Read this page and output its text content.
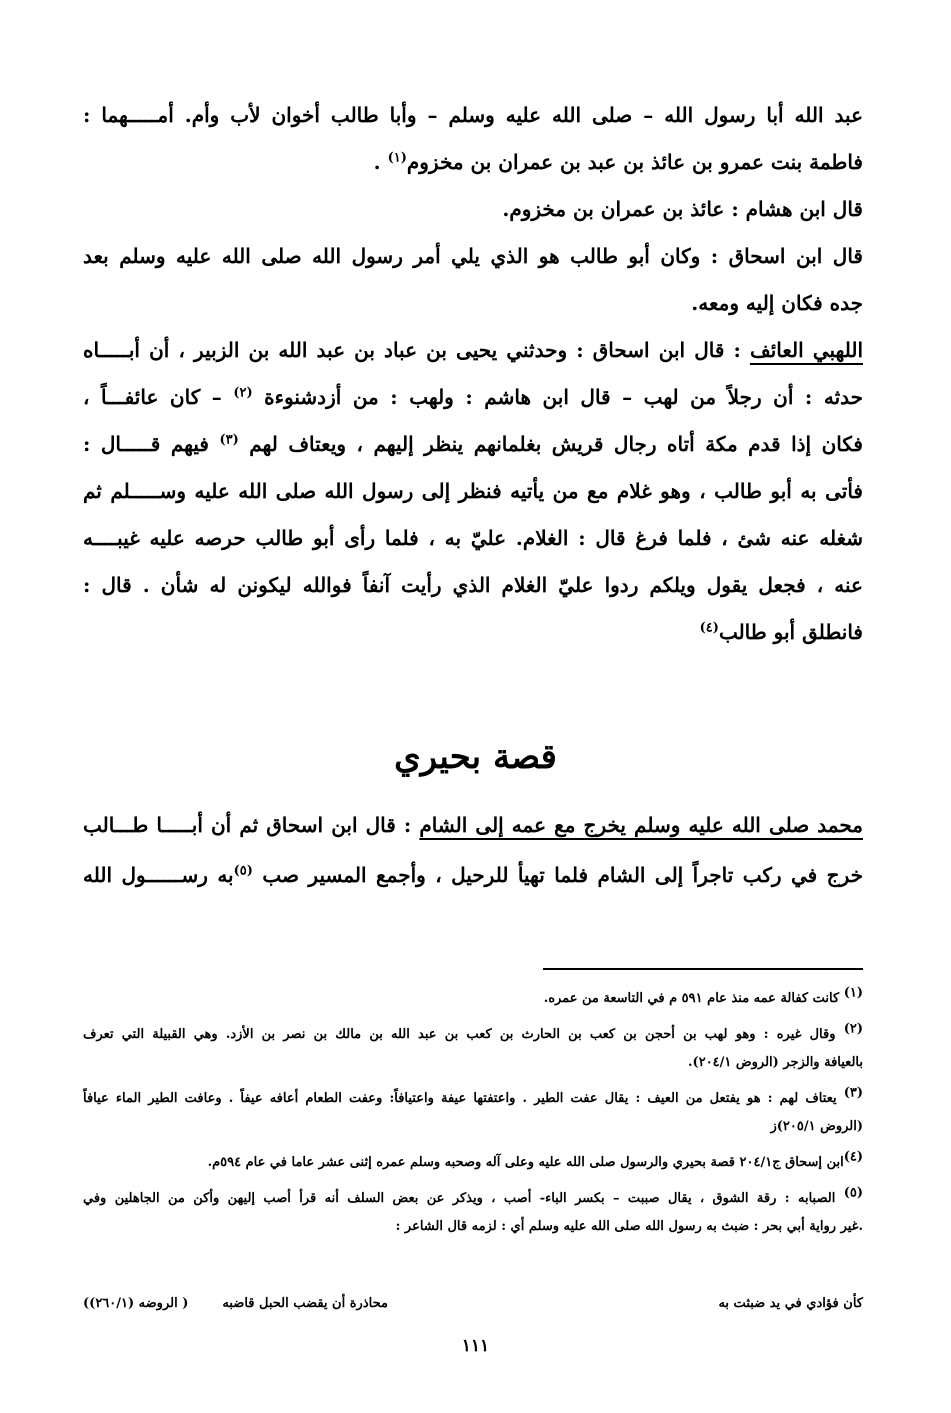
عبد الله أبا رسول الله – صلى الله عليه وسلم – وأبا طالب أخوان لأب وأم. أمـــــهما :
فاطمة بنت عمرو بن عائذ بن عبد بن عمران بن مخزوم$^{(١)}$ .
قال ابن هشام : عائذ بن عمران بن مخزوم.
قال ابن اسحاق : وكان أبو طالب هو الذي يلي أمر رسول الله صلى الله عليه وسلم بعد
جده فكان إليه ومعه.
اللهبي العائف : قال ابن اسحاق : وحدثني يحيى بن عباد بن عبد الله بن الزبير ، أن أبـــــاه
حدثه : أن رجلاً من لهب – قال ابن هاشم : ولهب : من أزدشنوءة $^{(٢)}$ – كان عائفـــاً ،
فكان إذا قدم مكة أتاه رجال قريش بغلمانهم ينظر إليهم ، ويعتاف لهم $^{(٣)}$ فيهم قـــــال :
فأتى به أبو طالب ، وهو غلام مع من يأتيه فنظر إلى رسول الله صلى الله عليه وســـــلم ثم
شغله عنه شئ ، فلما فرغ قال : الغلام. عليّ به ، فلما رأى أبو طالب حرصه عليه غيبــــه
عنه ، فجعل يقول ويلكم ردوا عليّ الغلام الذي رأيت آنفاً فوالله ليكونن له شأن . قال :
فانطلق أبو طالب$^{(٤)}$
قصة بحيري
محمد صلى الله عليه وسلم يخرج مع عمه إلى الشام : قال ابن اسحاق ثم أن أبـــــا طـــالب
خرج في ركب تاجراً إلى الشام فلما تهيأ للرحيل ، وأجمع المسير صب $^{(٥)}$به رســــــول الله
$^{(١)}$ كانت كفالة عمه منذ عام ٥٩١ م في التاسعة من عمره.
$^{(٢)}$ وقال غيره : وهو لهب بن أحجن بن كعب بن الحارث بن كعب بن عبد الله بن مالك بن نصر بن الأزد. وهي القبيلة التي تعرف
بالعيافة والزجر (الروض ٢٠٤/١).
$^{(٣)}$ يعتاف لهم : هو يفتعل من العيف : يقال عفت الطير . واعتفتها عيفة واعتيافاً: وعفت الطعام أعافه عيفاً . وعافت الطير الماء عيافاً
(الروض ٢٠٥/١)ز
$^{(٤)}$ابن إسحاق ج٢٠٤/١ قصة بحيري والرسول صلى الله عليه وعلى آله وصحبه وسلم عمره إثنى عشر عاما في عام ٥٩٤م.
$^{(٥)}$ الصبابه : رقة الشوق ، يقال صببت – بكسر الباء- أصب ، ويذكر عن بعض السلف أنه قرأ أصب إليهن وأكن من الجاهلين وفي
.غير رواية أبي بحر : ضبث به رسول الله صلى الله عليه وسلم أي : لزمه قال الشاعر :
كأن فؤادي في يد ضبثت به
محاذرة أن يقضب الحبل قاضبه
( الروضه (٢٦٠/١))
١١١
